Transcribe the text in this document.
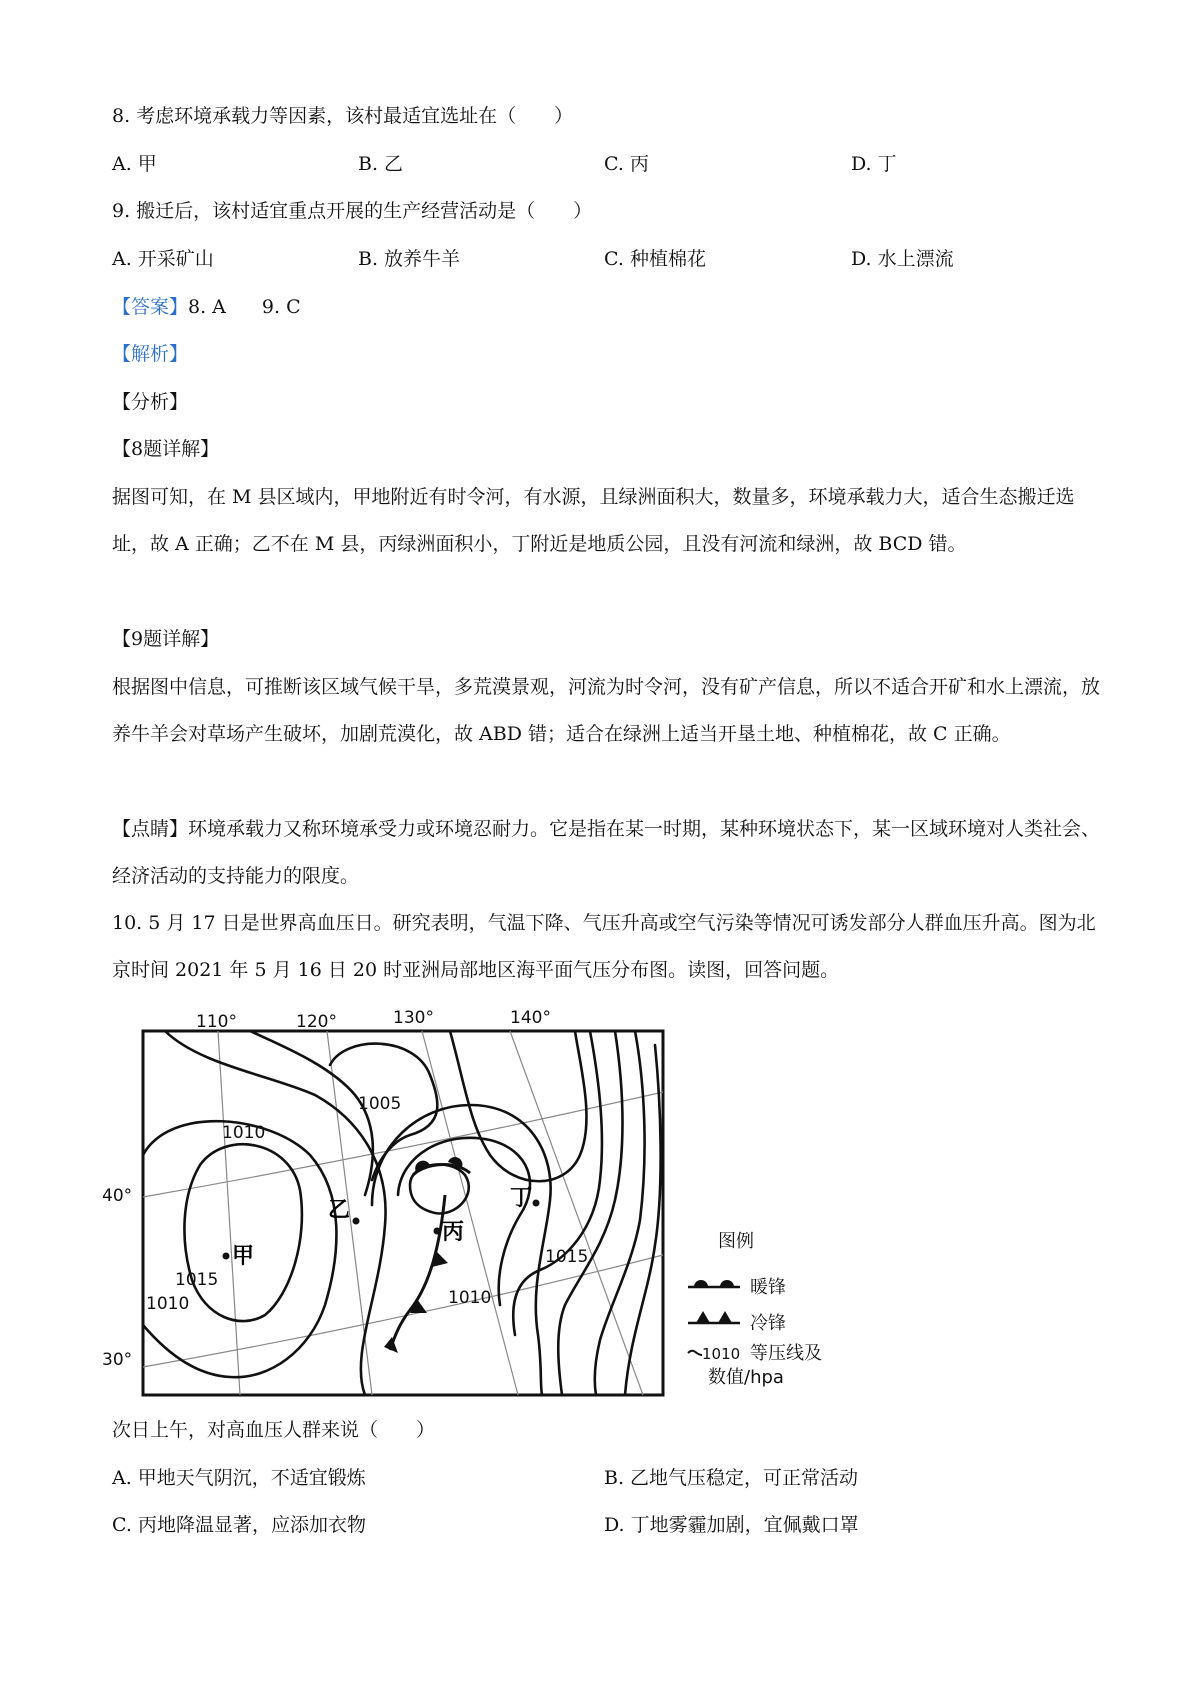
8. 考虑环境承载力等因素，该村最适宜选址在（　　）
A. 甲	B. 乙	C. 丙	D. 丁
9. 搬迁后，该村适宜重点开展的生产经营活动是（　　）
A. 开采矿山	B. 放养牛羊	C. 种植棉花	D. 水上漂流
【答案】8. A 9. C
【解析】
【分析】
【8题详解】
据图可知，在 M 县区域内，甲地附近有时令河，有水源，且绿洲面积大，数量多，环境承载力大，适合生态搬迁选址，故 A 正确；乙不在 M 县，丙绿洲面积小，丁附近是地质公园，且没有河流和绿洲，故 BCD 错。
【9题详解】
根据图中信息，可推断该区域气候干旱，多荒漠景观，河流为时令河，没有矿产信息，所以不适合开矿和水上漂流，放养牛羊会对草场产生破坏，加剧荒漠化，故 ABD 错；适合在绿洲上适当开垦土地、种植棉花，故 C 正确。
【点睛】环境承载力又称环境承受力或环境忍耐力。它是指在某一时期，某种环境状态下，某一区域环境对人类社会、经济活动的支持能力的限度。
10. 5 月 17 日是世界高血压日。研究表明，气温下降、气压升高或空气污染等情况可诱发部分人群血压升高。图为北京时间 2021 年 5 月 16 日 20 时亚洲局部地区海平面气压分布图。读图，回答问题。
甲
乙
丙
丁
1005
1010
1015
1015
1010
1010
110°	120°	130°	140°
40°
30°
图例
暖锋
冷锋
1010 等压线及
数值/hpa
次日上午，对高血压人群来说（　　）
A. 甲地天气阴沉，不适宜锻炼	B. 乙地气压稳定，可正常活动
C. 丙地降温显著，应添加衣物	D. 丁地雾霾加剧，宜佩戴口罩
